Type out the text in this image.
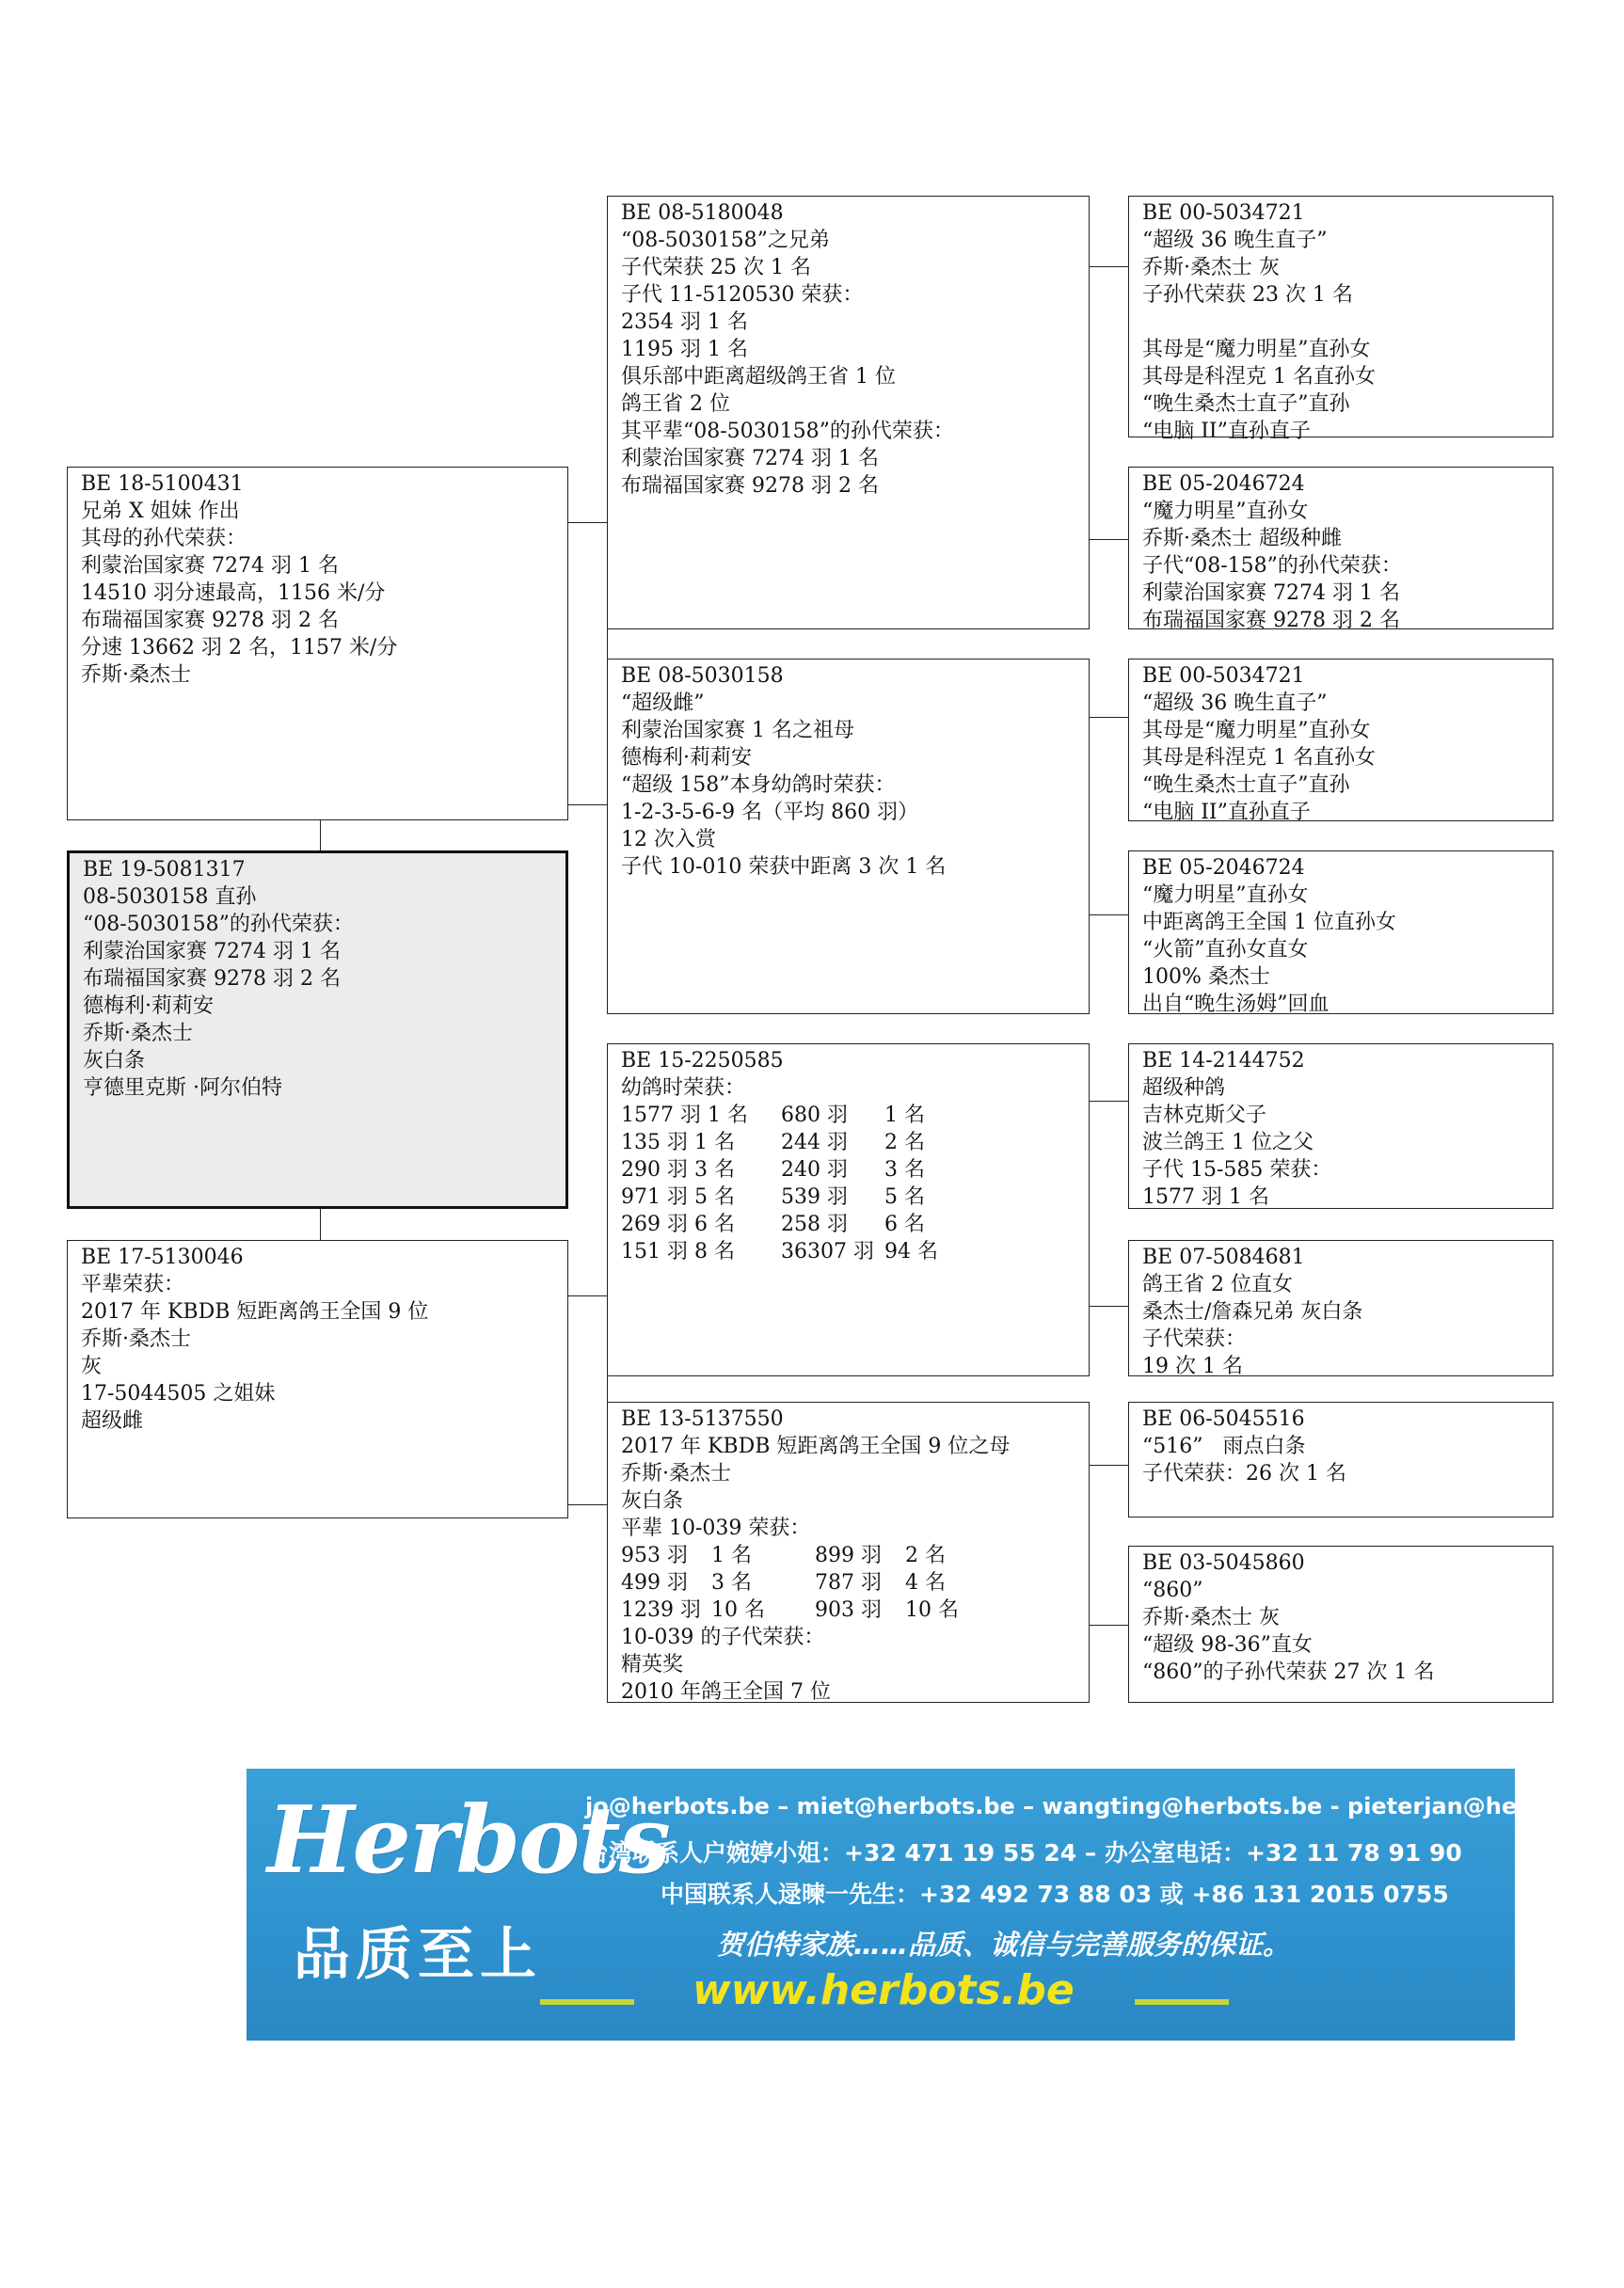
BE 18-5100431
兄弟 X 姐妹 作出
其母的孙代荣获：
利蒙治国家赛 7274 羽 1 名
14510 羽分速最高，1156 米/分
布瑞福国家赛 9278 羽 2 名
分速 13662 羽 2 名，1157 米/分
乔斯·桑杰士
BE 19-5081317
08-5030158 直孙
“08-5030158”的孙代荣获：
利蒙治国家赛 7274 羽 1 名
布瑞福国家赛 9278 羽 2 名
德梅利·莉莉安
乔斯·桑杰士
灰白条
亨德里克斯 ·阿尔伯特
BE 17-5130046
平辈荣获：
2017 年 KBDB 短距离鸽王全国 9 位
乔斯·桑杰士
灰
17-5044505 之姐妹
超级雌
BE 08-5180048
“08-5030158”之兄弟
子代荣获 25 次 1 名
子代 11-5120530 荣获：
2354 羽 1 名
1195 羽 1 名
俱乐部中距离超级鸽王省 1 位
鸽王省 2 位
其平辈“08-5030158”的孙代荣获：
利蒙治国家赛 7274 羽 1 名
布瑞福国家赛 9278 羽 2 名
BE 08-5030158
“超级雌”
利蒙治国家赛 1 名之祖母
德梅利·莉莉安
“超级 158”本身幼鸽时荣获：
1-2-3-5-6-9 名（平均 860 羽）
12 次入赏
子代 10-010 荣获中距离 3 次 1 名
BE 15-2250585
幼鸽时荣获：
1577 羽 1 名	680 羽	1 名
135 羽 1 名	244 羽	2 名
290 羽 3 名	240 羽	3 名
971 羽 5 名	539 羽	5 名
269 羽 6 名	258 羽	6 名
151 羽 8 名	36307 羽 94 名
BE 13-5137550
2017 年 KBDB 短距离鸽王全国 9 位之母
乔斯·桑杰士
灰白条
平辈 10-039 荣获：
953 羽	1 名	899 羽	2 名
499 羽	3 名	787 羽	4 名
1239 羽 10 名	903 羽	10 名
10-039 的子代荣获：
精英奖
2010 年鸽王全国 7 位
BE 00-5034721
“超级 36 晚生直子”
乔斯·桑杰士 灰
子孙代荣获 23 次 1 名
其母是“魔力明星”直孙女
其母是科涅克 1 名直孙女
“晚生桑杰士直子”直孙
“电脑 II”直孙直子
BE 05-2046724
“魔力明星”直孙女
乔斯·桑杰士 超级种雌
子代“08-158”的孙代荣获：
利蒙治国家赛 7274 羽 1 名
布瑞福国家赛 9278 羽 2 名
BE 00-5034721
“超级 36 晚生直子”
其母是“魔力明星”直孙女
其母是科涅克 1 名直孙女
“晚生桑杰士直子”直孙
“电脑 II”直孙直子
BE 05-2046724
“魔力明星”直孙女
中距离鸽王全国 1 位直孙女
“火箭”直孙女直女
100% 桑杰士
出自“晚生汤姆”回血
BE 14-2144752
超级种鸽
吉林克斯父子
波兰鸽王 1 位之父
子代 15-585 荣获：
1577 羽 1 名
BE 07-5084681
鸽王省 2 位直女
桑杰士/詹森兄弟 灰白条
子代荣获：
19 次 1 名
BE 06-5045516
“516”   雨点白条
子代荣获：26 次 1 名
BE 03-5045860
“860”
乔斯·桑杰士 灰
“超级 98-36”直女
“860”的子孙代荣获 27 次 1 名
Herbots
品质至上
jo@herbots.be – miet@herbots.be – wangting@herbots.be - pieterjan@herbots.be
台湾联系人户婉婷小姐：+32 471 19 55 24 – 办公室电话：+32 11 78 91 90
中国联系人逯暕一先生：+32 492 73 88 03 或 +86 131 2015 0755
贺伯特家族……品质、诚信与完善服务的保证。
www.herbots.be
